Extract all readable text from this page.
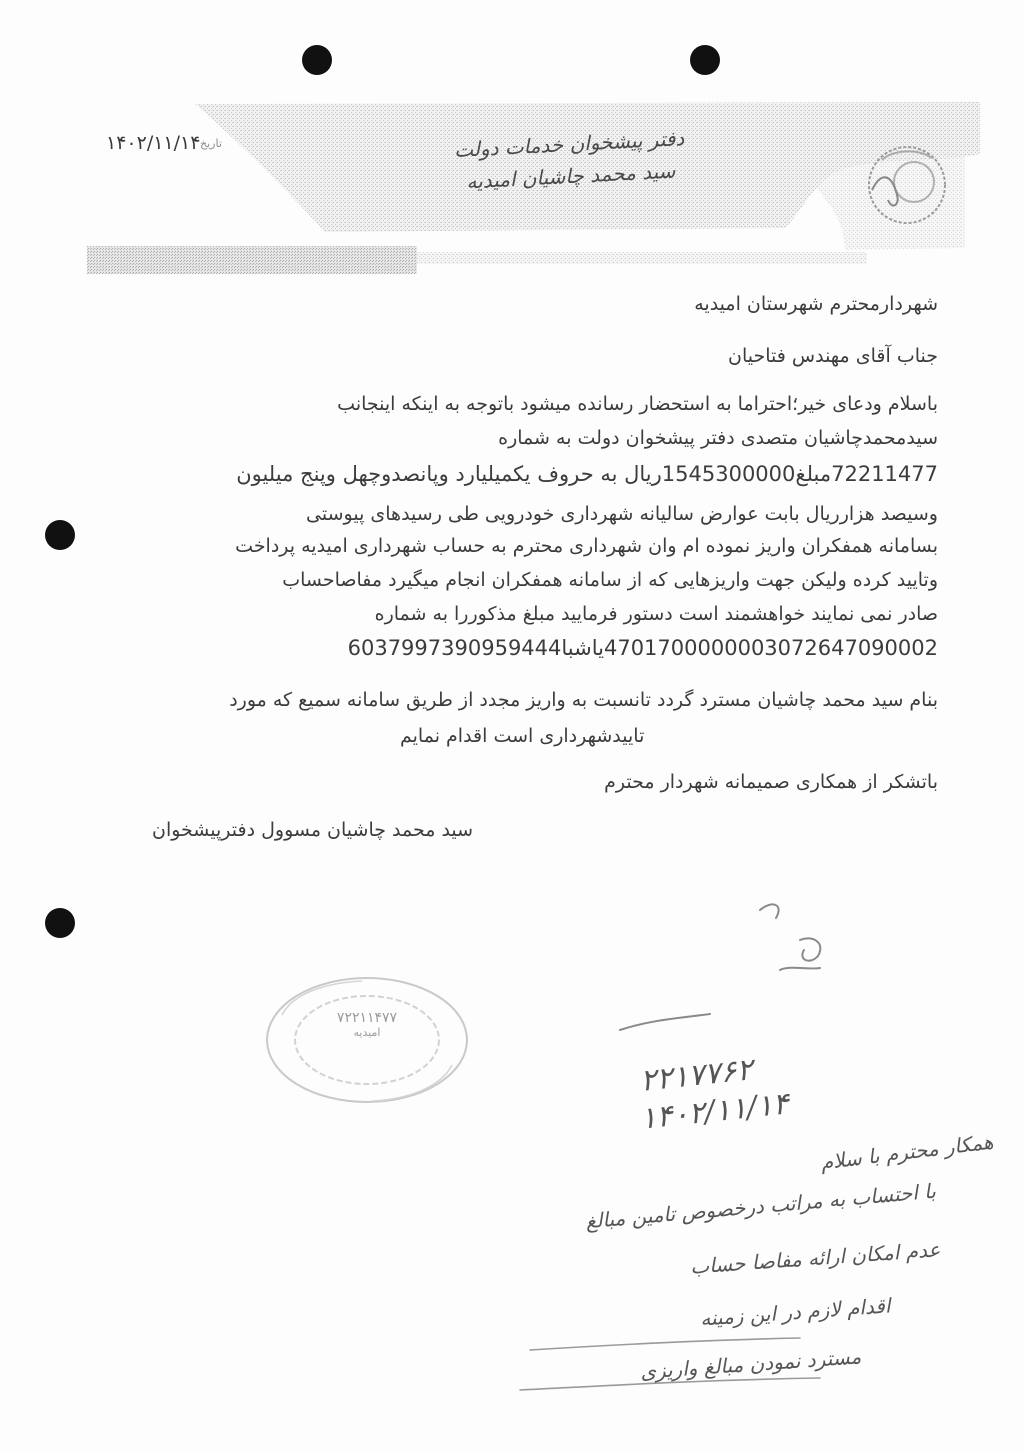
دفتر پیشخوان خدمات دولت
سید محمد چاشیان امیدیه
۱۴۰۲/۱۱/۱۴ تاریخ
شهردارمحترم شهرستان امیدیه
جناب آقای مهندس فتاحیان
باسلام ودعای خیر؛احتراما به استحضار رسانده میشود باتوجه به اینکه اینجانب
سیدمحمدچاشیان متصدی دفتر پیشخوان دولت به شماره
72211477مبلغ1545300000ریال به حروف یکمیلیارد وپانصدوچهل وپنج میلیون
وسیصد هزارریال بابت عوارض سالیانه شهرداری خودرویی طی رسیدهای پیوستی
بسامانه همفکران واریز نموده ام وان شهرداری محترم به حساب شهرداری امیدیه پرداخت
وتایید کرده ولیکن جهت واریزهایی که از سامانه همفکران انجام میگیرد مفاصاحساب
صادر نمی نمایند خواهشمند است دستور فرمایید مبلغ مذکوررا به شماره
4701700000003072647090002یاشبا6037997390959444
بنام سید محمد چاشیان مسترد گردد تانسبت به واریز مجدد از طریق سامانه سمیع که مورد
تاییدشهرداری است اقدام نمایم
باتشکر از همکاری صمیمانه شهردار محترم
سید محمد چاشیان مسوول دفترپیشخوان
۷۲۲۱۱۴۷۷
امیدیه
۲۲۱۷۷۶۲
۱۴۰۲/۱۱/۱۴
همکار محترم با سلام
با احتساب به مراتب درخصوص تامین مبالغ
عدم امکان ارائه مفاصا حساب
اقدام لازم در این زمینه
مسترد نمودن مبالغ واریزی
